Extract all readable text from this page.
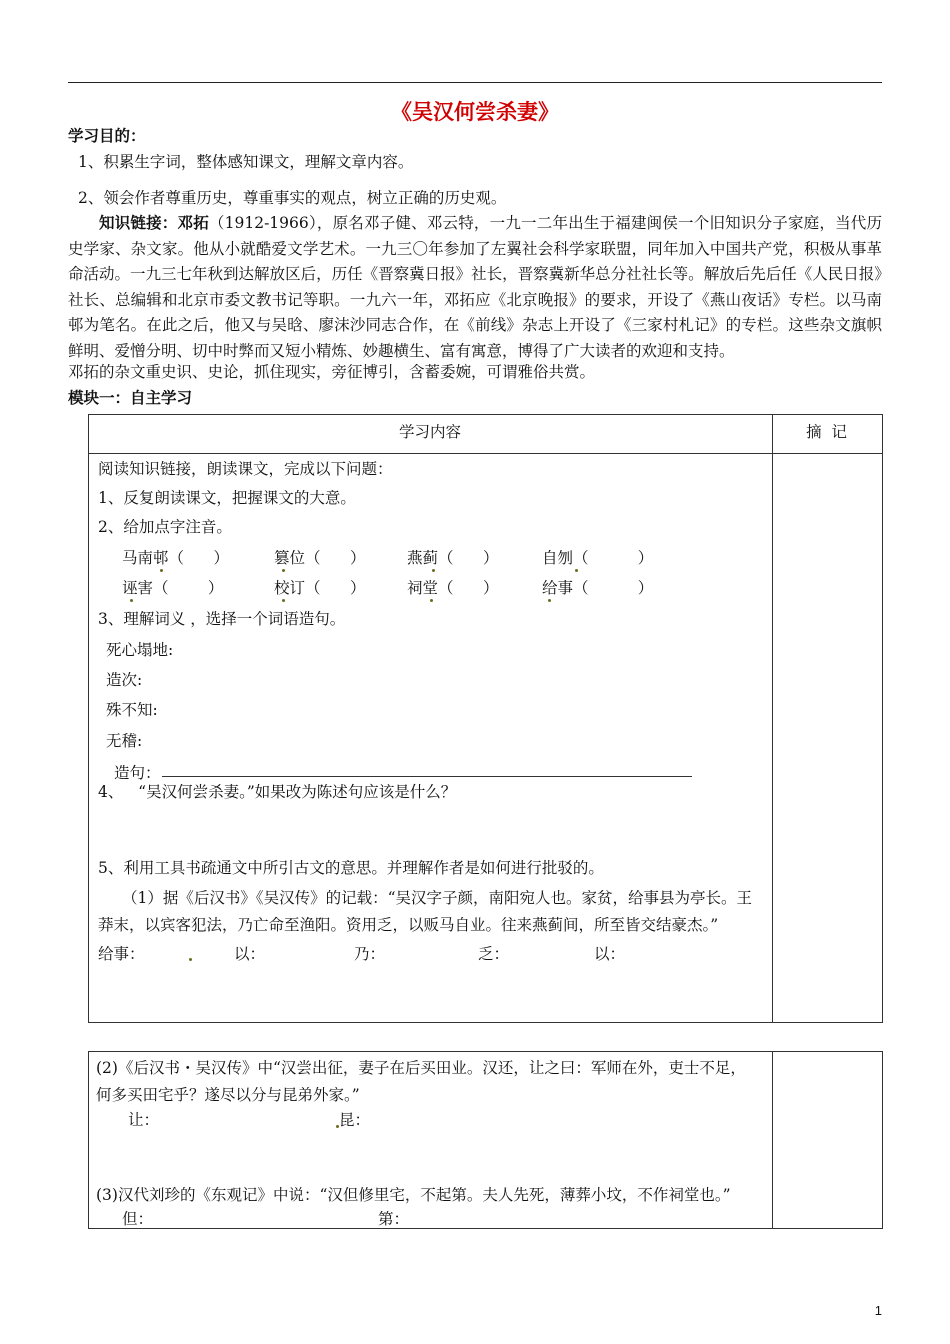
《吴汉何尝杀妻》
学习目的：
1、积累生字词，整体感知课文，理解文章内容。
2、领会作者尊重历史，尊重事实的观点，树立正确的历史观。
知识链接：邓拓（1912-1966），原名邓子健、邓云特，一九一二年出生于福建闽侯一个旧知识分子家庭，当代历史学家、杂文家。他从小就酷爱文学艺术。一九三〇年参加了左翼社会科学家联盟，同年加入中国共产党，积极从事革命活动。一九三七年秋到达解放区后，历任《晋察冀日报》社长，晋察冀新华总分社社长等。解放后先后任《人民日报》社长、总编辑和北京市委文教书记等职。一九六一年，邓拓应《北京晚报》的要求，开设了《燕山夜话》专栏。以马南邨为笔名。在此之后，他又与吴晗、廖沫沙同志合作，在《前线》杂志上开设了《三家村札记》的专栏。这些杂文旗帜鲜明、爱憎分明、切中时弊而又短小精炼、妙趣横生、富有寓意，博得了广大读者的欢迎和支持。
邓拓的杂文重史识、史论，抓住现实，旁征博引，含蓄委婉，可谓雅俗共赏。
模块一：自主学习
学习内容	摘  记
阅读知识链接，朗读课文，完成以下问题：
1、反复朗读课文，把握课文的大意。
2、给加点字注音。
马南邨（      ）	篡位（      ）	燕蓟（      ）	自刎（          ）
诬害（        ）	校订（      ）	祠堂（      ）	给事（          ）
3、理解词义 ，选择一个词语造句。
死心塌地:
造次:
殊不知:
无稽:
造句：
4、   “吴汉何尝杀妻。”如果改为陈述句应该是什么？
5、利用工具书疏通文中所引古文的意思。并理解作者是如何进行批驳的。
（1）据《后汉书》《吴汉传》的记载：“吴汉字子颜，南阳宛人也。家贫，给事县为亭长。王
莽末，以宾客犯法，乃亡命至渔阳。资用乏，以贩马自业。往来燕蓟间，所至皆交结豪杰。”
给事：	以：	乃：	乏：	以：
(2)《后汉书・吴汉传》中“汉尝出征，妻子在后买田业。汉还，让之曰：军师在外，吏士不足，
何多买田宅乎？遂尽以分与昆弟外家。”
让：	昆：
(3)汉代刘珍的《东观记》中说：“汉但修里宅，不起第。夫人先死，薄葬小坟，不作祠堂也。”
但：	第：
1
